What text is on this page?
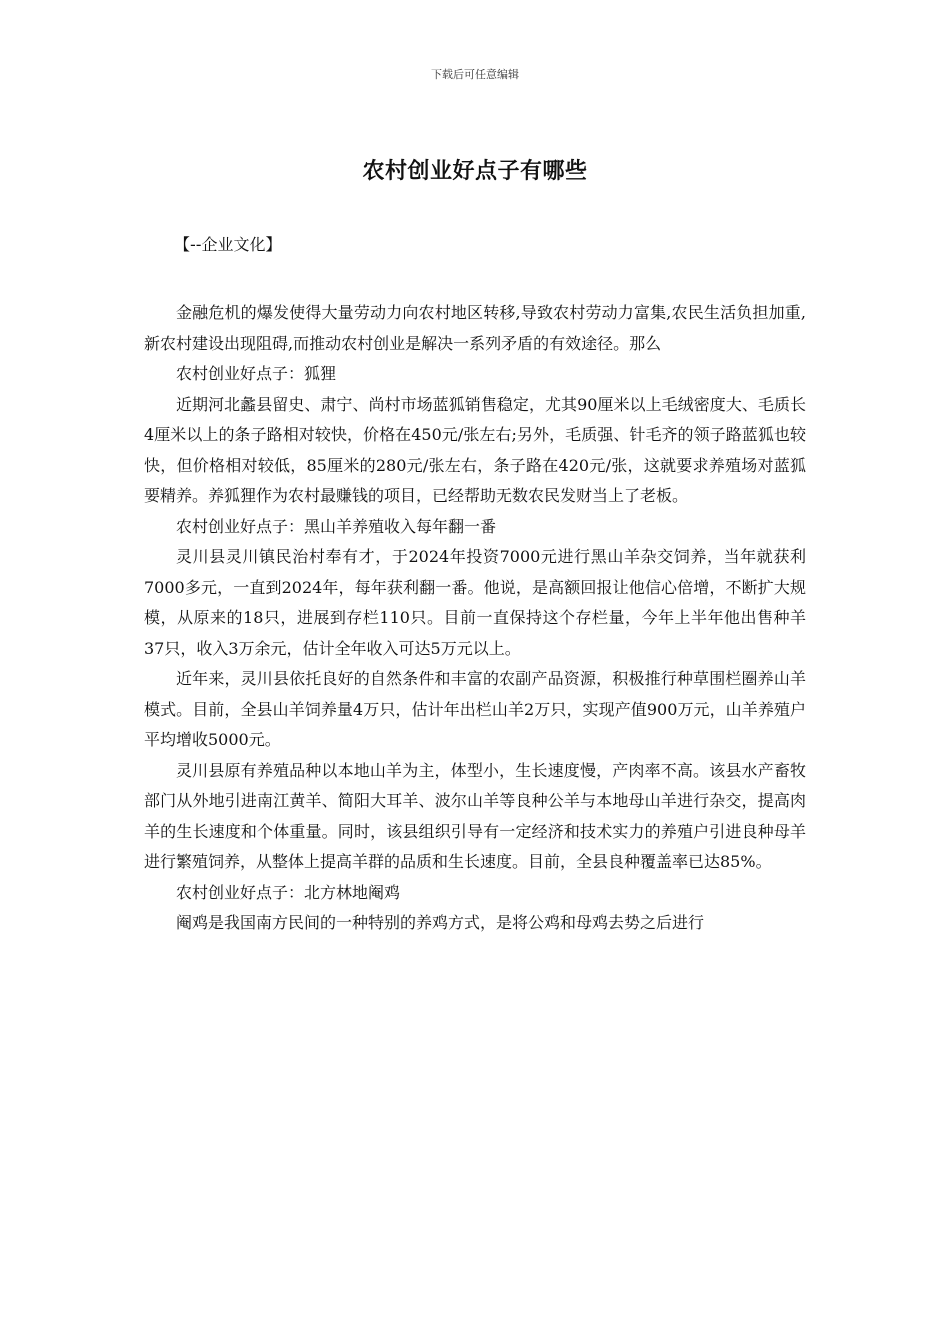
下载后可任意编辑
农村创业好点子有哪些
【--企业文化】

金融危机的爆发使得大量劳动力向农村地区转移,导致农村劳动力富集,农民生活负担加重,新农村建设出现阻碍,而推动农村创业是解决一系列矛盾的有效途径。那么

农村创业好点子：狐狸

近期河北蠡县留史、肃宁、尚村市场蓝狐销售稳定，尤其90厘米以上毛绒密度大、毛质长4厘米以上的条子路相对较快，价格在450元/张左右;另外，毛质强、针毛齐的领子路蓝狐也较快，但价格相对较低，85厘米的280元/张左右，条子路在420元/张，这就要求养殖场对蓝狐要精养。养狐狸作为农村最赚钱的项目，已经帮助无数农民发财当上了老板。

农村创业好点子：黑山羊养殖收入每年翻一番

灵川县灵川镇民治村奉有才，于2024年投资7000元进行黑山羊杂交饲养，当年就获利7000多元，一直到2024年，每年获利翻一番。他说，是高额回报让他信心倍增，不断扩大规模，从原来的18只，进展到存栏110只。目前一直保持这个存栏量，今年上半年他出售种羊37只，收入3万余元，估计全年收入可达5万元以上。

近年来，灵川县依托良好的自然条件和丰富的农副产品资源，积极推行种草围栏圈养山羊模式。目前，全县山羊饲养量4万只，估计年出栏山羊2万只，实现产值900万元，山羊养殖户平均增收5000元。

灵川县原有养殖品种以本地山羊为主，体型小，生长速度慢，产肉率不高。该县水产畜牧部门从外地引进南江黄羊、简阳大耳羊、波尔山羊等良种公羊与本地母山羊进行杂交，提高肉羊的生长速度和个体重量。同时，该县组织引导有一定经济和技术实力的养殖户引进良种母羊进行繁殖饲养，从整体上提高羊群的品质和生长速度。目前，全县良种覆盖率已达85%。

农村创业好点子：北方林地阉鸡

阉鸡是我国南方民间的一种特别的养鸡方式，是将公鸡和母鸡去势之后进行
